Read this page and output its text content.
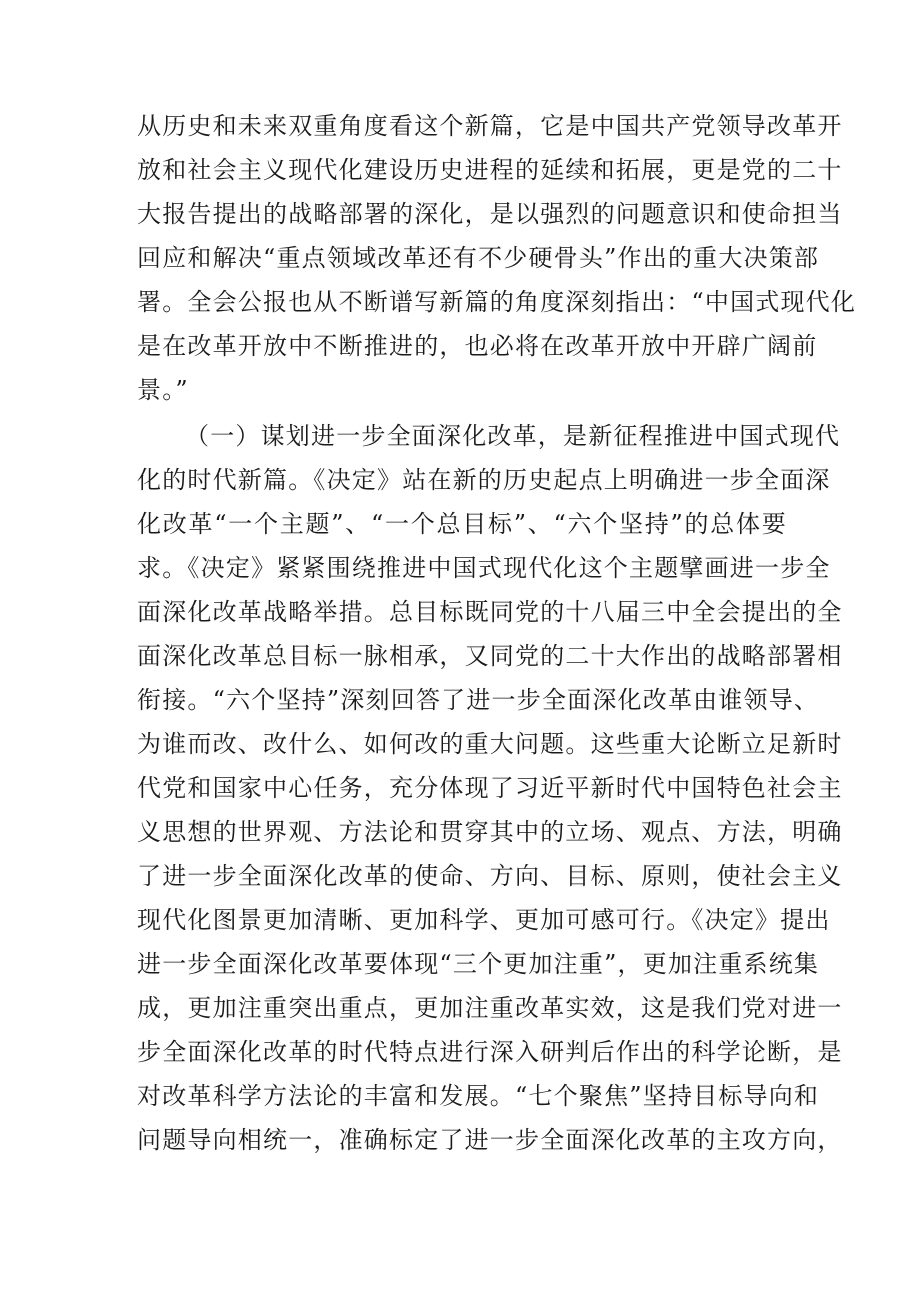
从历史和未来双重角度看这个新篇，它是中国共产党领导改革开
放和社会主义现代化建设历史进程的延续和拓展，更是党的二十
大报告提出的战略部署的深化，是以强烈的问题意识和使命担当
回应和解决“重点领域改革还有不少硬骨头”作出的重大决策部
署。全会公报也从不断谱写新篇的角度深刻指出：“中国式现代化
是在改革开放中不断推进的，也必将在改革开放中开辟广阔前
景。”
（一）谋划进一步全面深化改革，是新征程推进中国式现代
化的时代新篇。《决定》站在新的历史起点上明确进一步全面深
化改革“一个主题”、“一个总目标”、“六个坚持”的总体要
求。《决定》紧紧围绕推进中国式现代化这个主题擘画进一步全
面深化改革战略举措。总目标既同党的十八届三中全会提出的全
面深化改革总目标一脉相承，又同党的二十大作出的战略部署相
衔接。“六个坚持”深刻回答了进一步全面深化改革由谁领导、
为谁而改、改什么、如何改的重大问题。这些重大论断立足新时
代党和国家中心任务，充分体现了习近平新时代中国特色社会主
义思想的世界观、方法论和贯穿其中的立场、观点、方法，明确
了进一步全面深化改革的使命、方向、目标、原则，使社会主义
现代化图景更加清晰、更加科学、更加可感可行。《决定》提出
进一步全面深化改革要体现“三个更加注重”，更加注重系统集
成，更加注重突出重点，更加注重改革实效，这是我们党对进一
步全面深化改革的时代特点进行深入研判后作出的科学论断，是
对改革科学方法论的丰富和发展。“七个聚焦”坚持目标导向和
问题导向相统一，准确标定了进一步全面深化改革的主攻方向，
